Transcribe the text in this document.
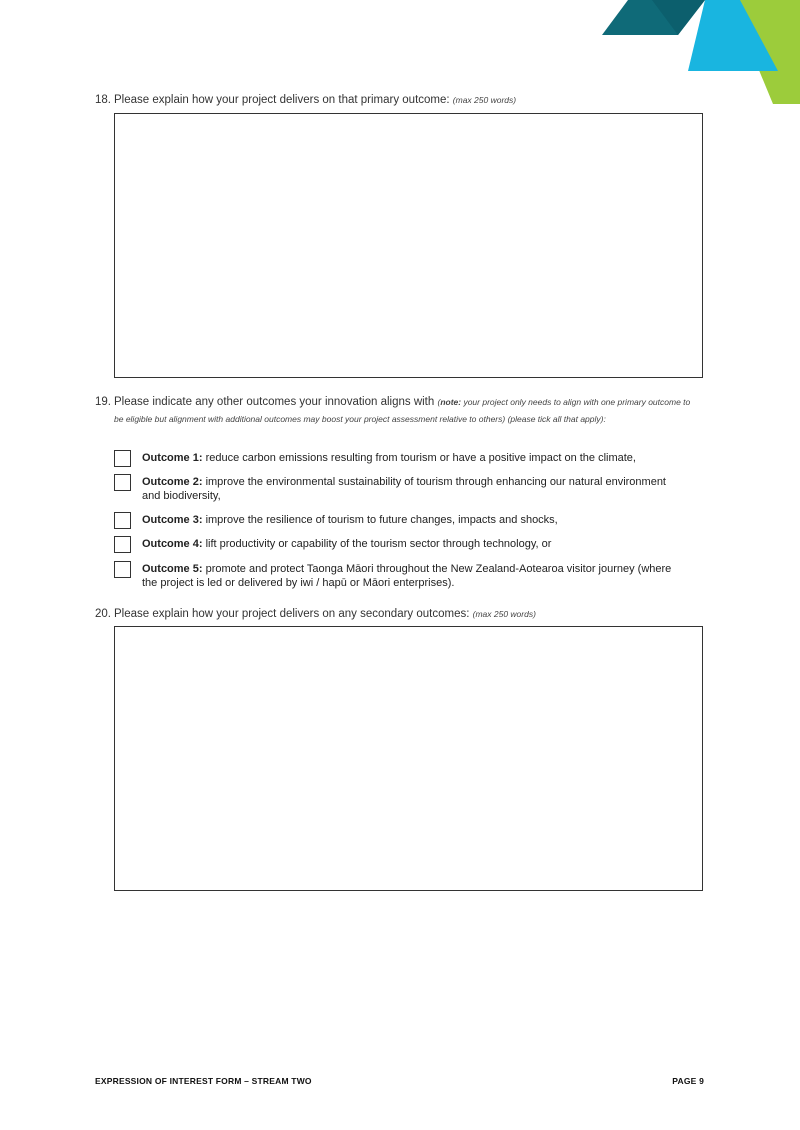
18. Please explain how your project delivers on that primary outcome: (max 250 words)
19. Please indicate any other outcomes your innovation aligns with (note: your project only needs to align with one primary outcome to be eligible but alignment with additional outcomes may boost your project assessment relative to others) (please tick all that apply):
Outcome 1: reduce carbon emissions resulting from tourism or have a positive impact on the climate,
Outcome 2: improve the environmental sustainability of tourism through enhancing our natural environment and biodiversity,
Outcome 3: improve the resilience of tourism to future changes, impacts and shocks,
Outcome 4: lift productivity or capability of the tourism sector through technology, or
Outcome 5: promote and protect Taonga Māori throughout the New Zealand-Aotearoa visitor journey (where the project is led or delivered by iwi / hapū or Māori enterprises).
20. Please explain how your project delivers on any secondary outcomes: (max 250 words)
EXPRESSION OF INTEREST FORM – STREAM TWO	PAGE 9
